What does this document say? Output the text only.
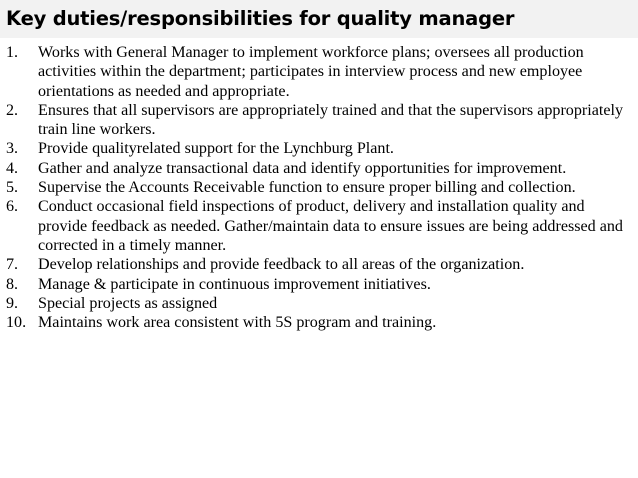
Key duties/responsibilities for quality manager
1. Works with General Manager to implement workforce plans; oversees all production activities within the department; participates in interview process and new employee orientations as needed and appropriate.
2. Ensures that all supervisors are appropriately trained and that the supervisors appropriately train line workers.
3. Provide qualityrelated support for the Lynchburg Plant.
4. Gather and analyze transactional data and identify opportunities for improvement.
5. Supervise the Accounts Receivable function to ensure proper billing and collection.
6. Conduct occasional field inspections of product, delivery and installation quality and provide feedback as needed. Gather/maintain data to ensure issues are being addressed and corrected in a timely manner.
7. Develop relationships and provide feedback to all areas of the organization.
8. Manage & participate in continuous improvement initiatives.
9. Special projects as assigned
10. Maintains work area consistent with 5S program and training.
